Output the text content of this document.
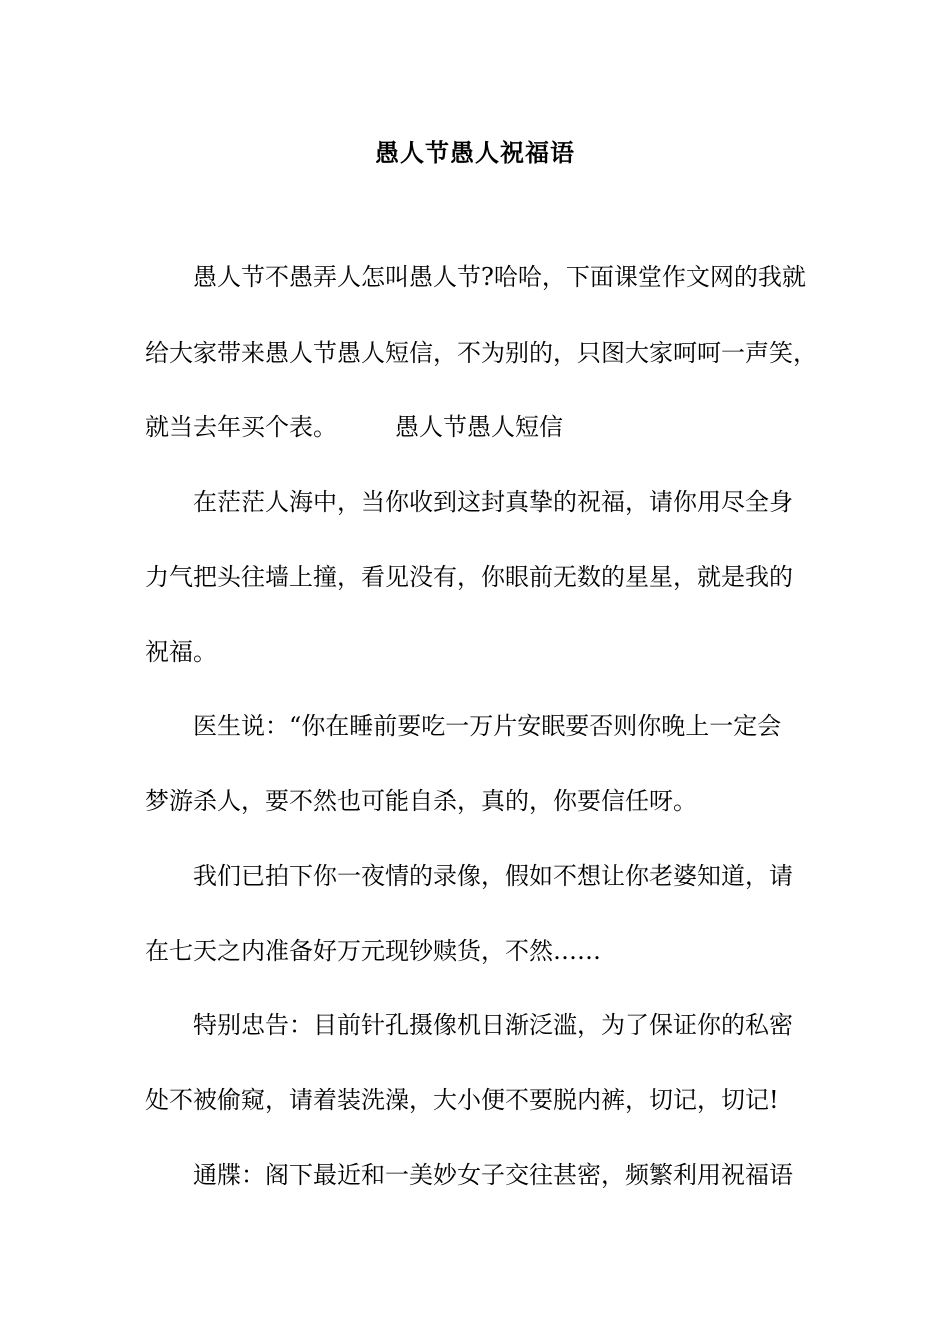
愚人节愚人祝福语
愚人节不愚弄人怎叫愚人节?哈哈，下面课堂作文网的我就
给大家带来愚人节愚人短信，不为别的，只图大家呵呵一声笑，
就当去年买个表。 愚人节愚人短信
在茫茫人海中，当你收到这封真挚的祝福，请你用尽全身
力气把头往墙上撞，看见没有，你眼前无数的星星，就是我的
祝福。
医生说：“你在睡前要吃一万片安眠要否则你晚上一定会
梦游杀人，要不然也可能自杀，真的，你要信任呀。
我们已拍下你一夜情的录像，假如不想让你老婆知道，请
在七天之内准备好万元现钞赎货，不然……
特别忠告：目前针孔摄像机日渐泛滥，为了保证你的私密
处不被偷窥，请着装洗澡，大小便不要脱内裤，切记，切记!
通牒：阁下最近和一美妙女子交往甚密，频繁利用祝福语
